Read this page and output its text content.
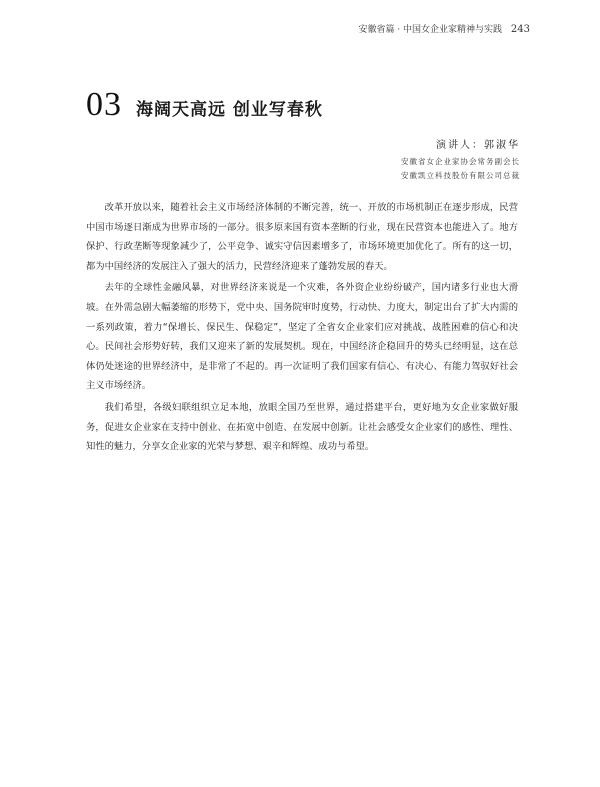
安徽省篇 · 中国女企业家精神与实践 243
03 海阔天高远 创业写春秋
演讲人：郭淑华
安徽省女企业家协会常务副会长
安徽凯立科技股份有限公司总裁

改革开放以来，随着社会主义市场经济体制的不断完善，统一、开放的市场机制正在逐步形成，民营中国市场逐日渐成为世界市场的一部分。很多原来国有资本垄断的行业，现在民营资本也能进入了。地方保护、行政垄断等现象减少了，公平竞争、诚实守信因素增多了，市场环境更加优化了。所有的这一切，都为中国经济的发展注入了强大的活力，民营经济迎来了蓬勃发展的春天。

去年的全球性金融风暴，对世界经济来说是一个灾难，各外资企业纷纷破产，国内诸多行业也大滑坡。在外需急剧大幅萎缩的形势下，党中央、国务院审时度势，行动快、力度大，制定出台了扩大内需的一系列政策，着力“保增长、保民生、保稳定”，坚定了全省女企业家们应对挑战、战胜困难的信心和决心。民间社会形势好转，我们又迎来了新的发展契机。现在，中国经济企稳回升的势头已经明显，这在总体仍处迷途的世界经济中，是非常了不起的。再一次证明了我们国家有信心、有决心、有能力驾驭好社会主义市场经济。

我们希望，各级妇联组织立足本地，放眼全国乃至世界，通过搭建平台，更好地为女企业家做好服务，促进女企业家在支持中创业、在拓宽中创造、在发展中创新。让社会感受女企业家们的感性、理性、知性的魅力，分享女企业家的光荣与梦想、艰辛和辉煌、成功与希望。
